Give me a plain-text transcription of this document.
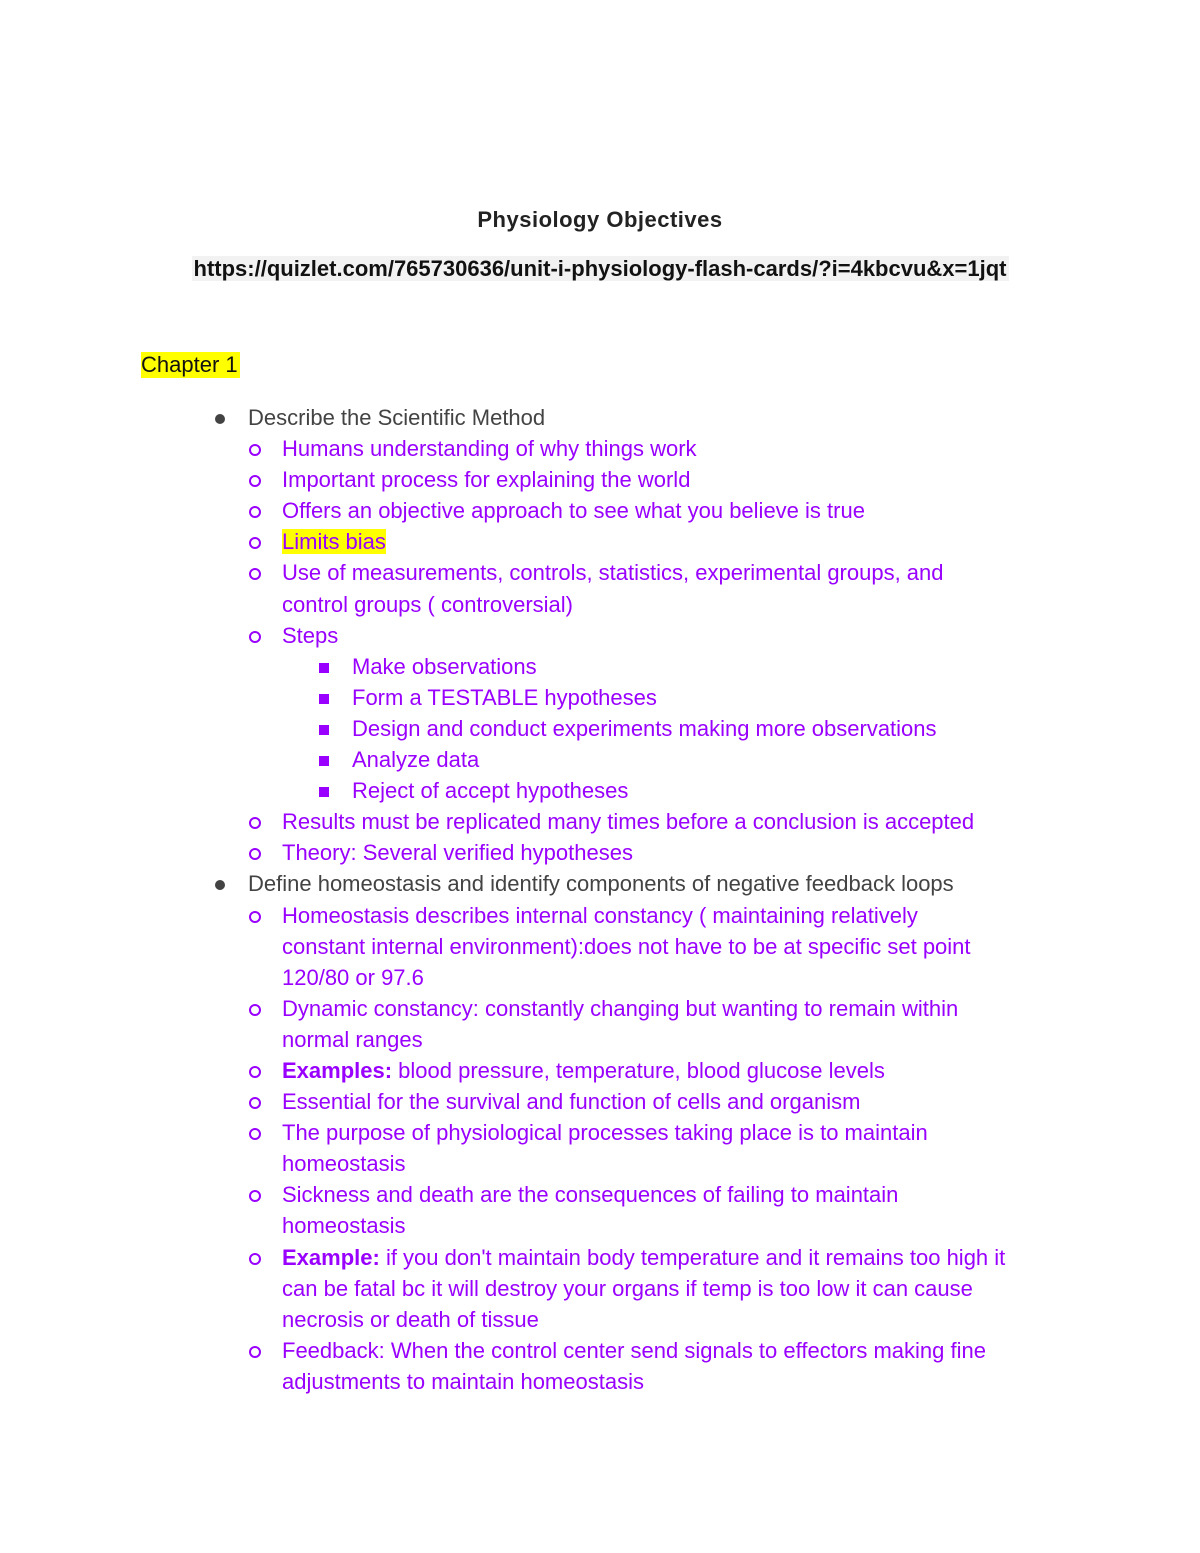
Physiology Objectives
https://quizlet.com/765730636/unit-i-physiology-flash-cards/?i=4kbcvu&x=1jqt
Chapter 1
Describe the Scientific Method
Humans understanding of why things work
Important process for explaining the world
Offers an objective approach to see what you believe is true
Limits bias
Use of measurements, controls, statistics, experimental groups, and
control groups ( controversial)
Steps
Make observations
Form a TESTABLE hypotheses
Design and conduct experiments making more observations
Analyze data
Reject of accept hypotheses
Results must be replicated many times before a conclusion is accepted
Theory: Several verified hypotheses
Define homeostasis and identify components of negative feedback loops
Homeostasis describes internal constancy ( maintaining relatively
constant internal environment):does not have to be at specific set point
120/80 or 97.6
Dynamic constancy: constantly changing but wanting to remain within
normal ranges
Examples: blood pressure, temperature, blood glucose levels
Essential for the survival and function of cells and organism
The purpose of physiological processes taking place is to maintain
homeostasis
Sickness and death are the consequences of failing to maintain
homeostasis
Example: if you don't maintain body temperature and it remains too high it
can be fatal bc it will destroy your organs if temp is too low it can cause
necrosis or death of tissue
Feedback: When the control center send signals to effectors making fine
adjustments to maintain homeostasis
